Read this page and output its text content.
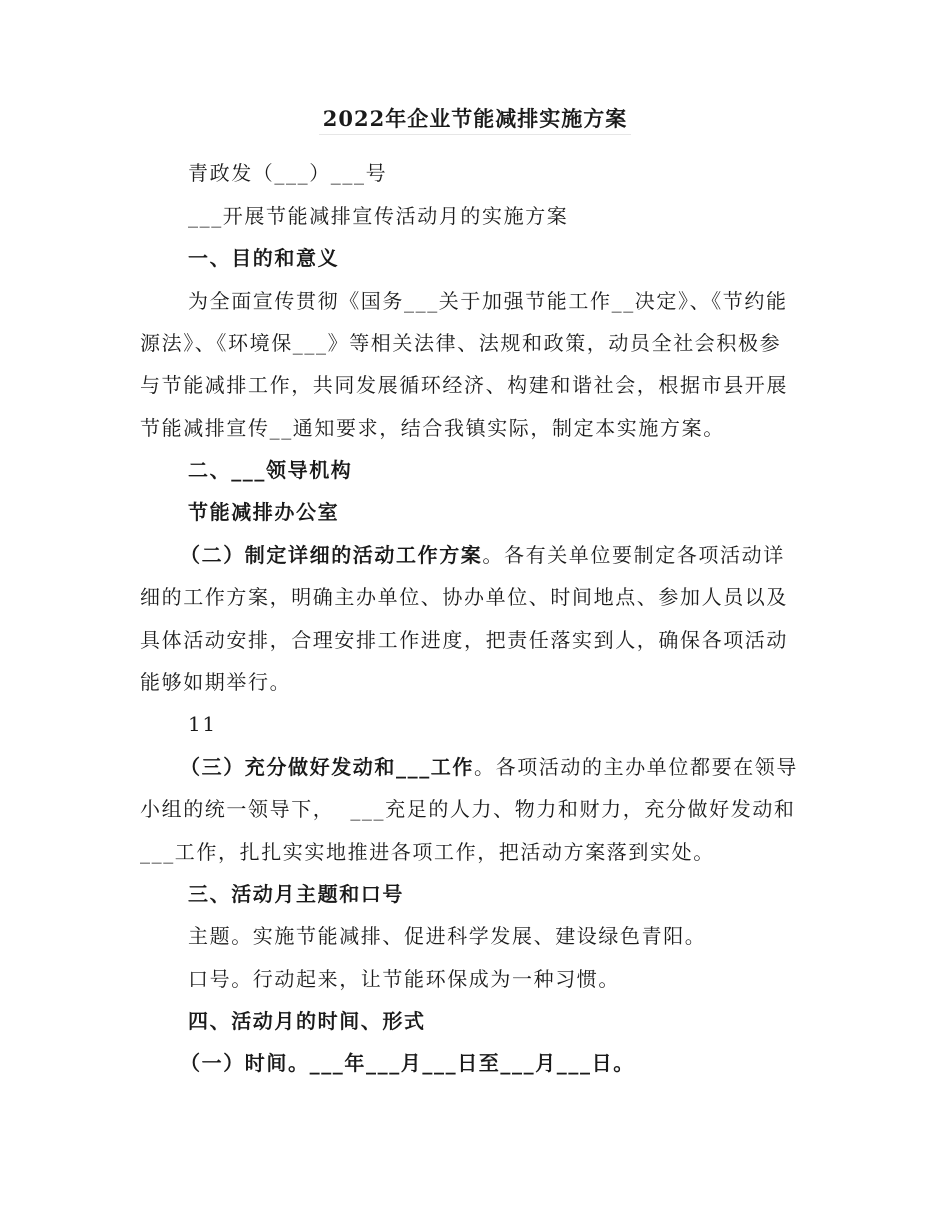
2022年企业节能减排实施方案
青政发（___）___号
___开展节能减排宣传活动月的实施方案
一、目的和意义
为全面宣传贯彻《国务___关于加强节能工作__决定》、《节约能
源法》、《环境保___》等相关法律、法规和政策，动员全社会积极参
与节能减排工作，共同发展循环经济、构建和谐社会，根据市县开展
节能减排宣传__通知要求，结合我镇实际，制定本实施方案。
二、___领导机构
节能减排办公室
（二）制定详细的活动工作方案。各有关单位要制定各项活动详
细的工作方案，明确主办单位、协办单位、时间地点、参加人员以及
具体活动安排，合理安排工作进度，把责任落实到人，确保各项活动
能够如期举行。
11
（三）充分做好发动和___工作。各项活动的主办单位都要在领导
小组的统一领导下，  ___充足的人力、物力和财力，充分做好发动和
___工作，扎扎实实地推进各项工作，把活动方案落到实处。
三、活动月主题和口号
主题。实施节能减排、促进科学发展、建设绿色青阳。
口号。行动起来，让节能环保成为一种习惯。
四、活动月的时间、形式
（一）时间。___年___月___日至___月___日。
